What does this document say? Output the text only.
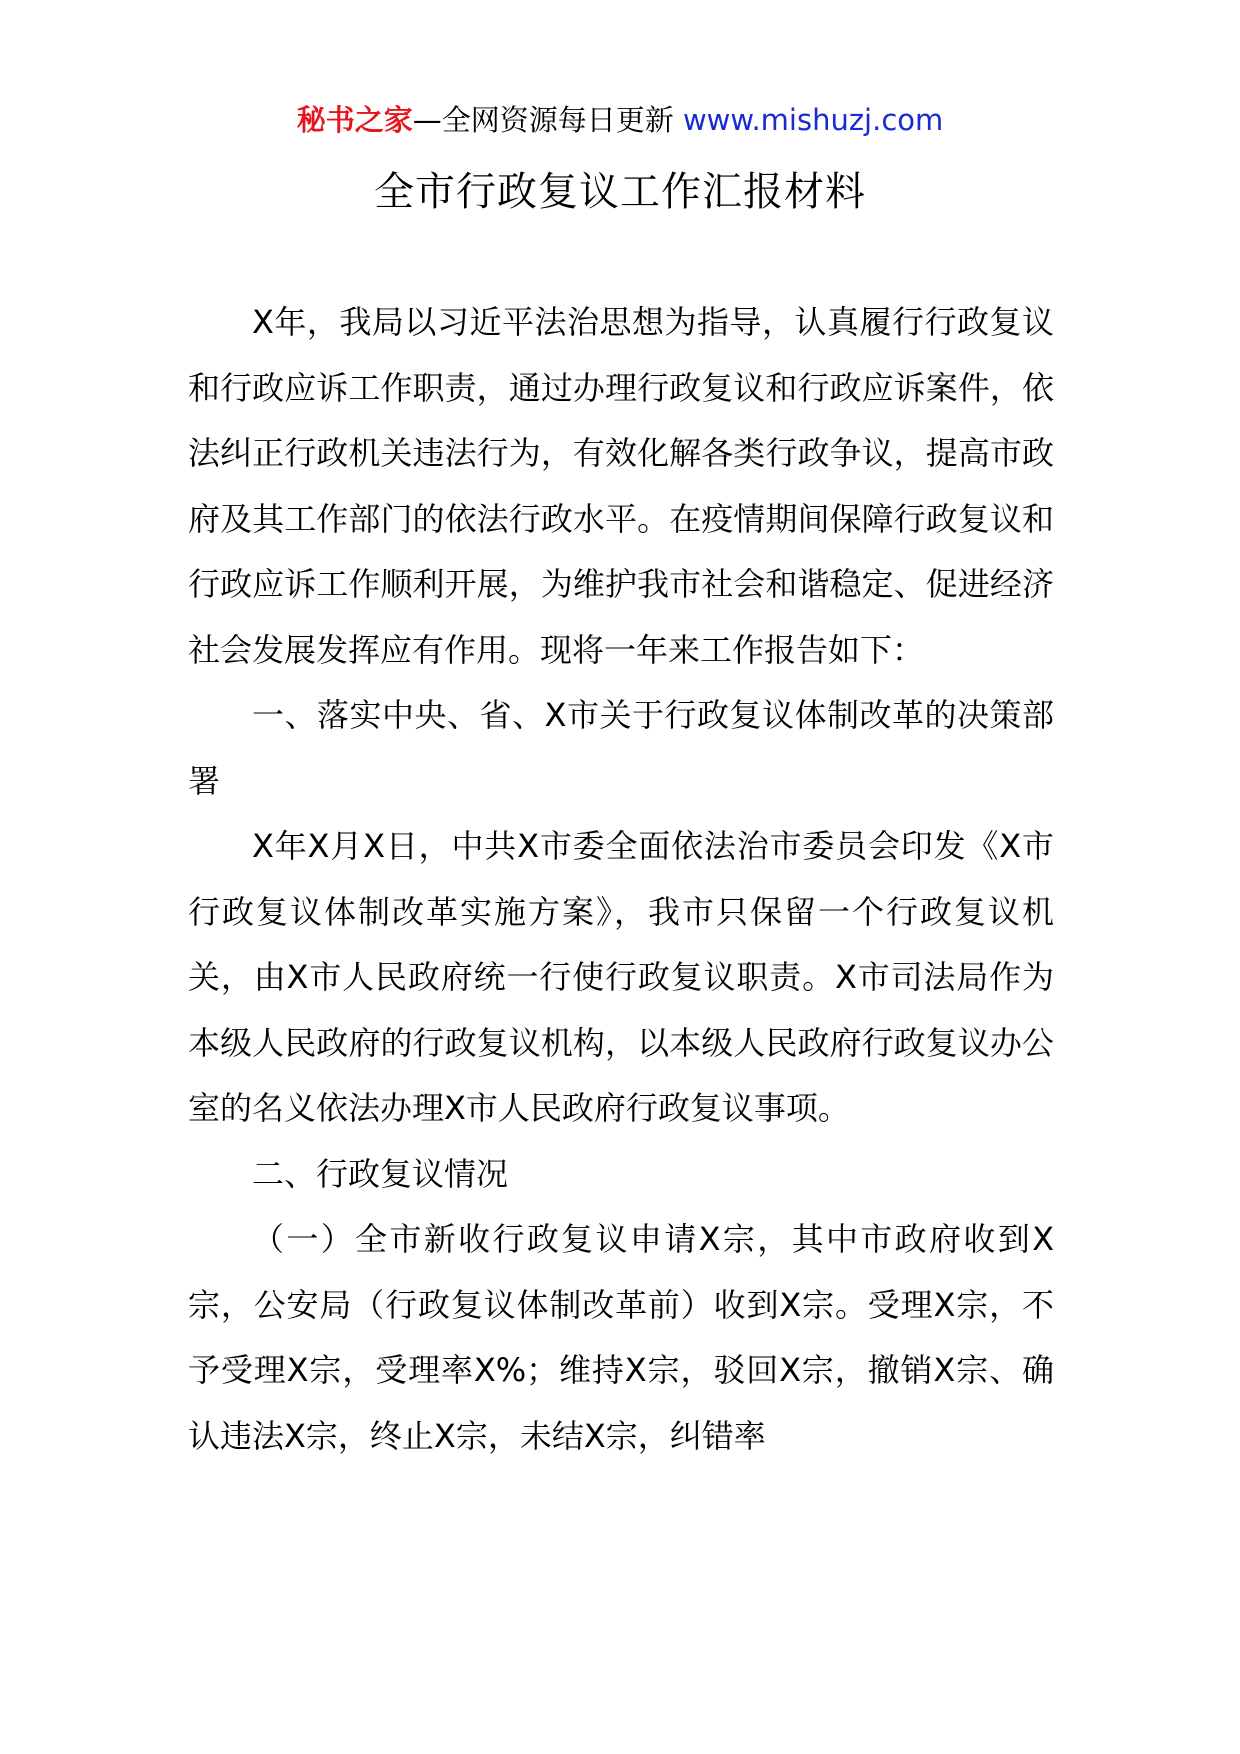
秘书之家—全网资源每日更新 www.mishuzj.com
全市行政复议工作汇报材料

X年，我局以习近平法治思想为指导，认真履行行政复议和行政应诉工作职责，通过办理行政复议和行政应诉案件，依法纠正行政机关违法行为，有效化解各类行政争议，提高市政府及其工作部门的依法行政水平。在疫情期间保障行政复议和行政应诉工作顺利开展，为维护我市社会和谐稳定、促进经济社会发展发挥应有作用。现将一年来工作报告如下：

一、落实中央、省、X市关于行政复议体制改革的决策部署

X年X月X日，中共X市委全面依法治市委员会印发《X市行政复议体制改革实施方案》，我市只保留一个行政复议机关，由X市人民政府统一行使行政复议职责。X市司法局作为本级人民政府的行政复议机构，以本级人民政府行政复议办公室的名义依法办理X市人民政府行政复议事项。

二、行政复议情况

（一）全市新收行政复议申请X宗，其中市政府收到X宗，公安局（行政复议体制改革前）收到X宗。受理X宗，不予受理X宗，受理率X%；维持X宗，驳回X宗，撤销X宗、确认违法X宗，终止X宗，未结X宗，纠错率
